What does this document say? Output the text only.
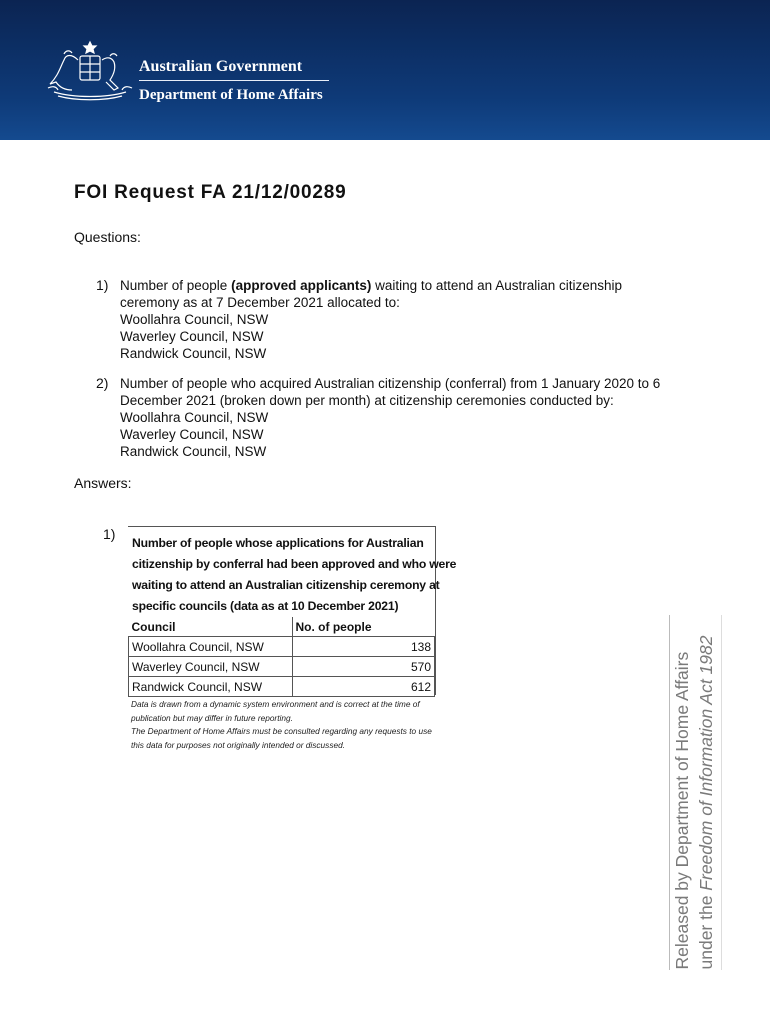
Australian Government
Department of Home Affairs
FOI Request FA 21/12/00289
Questions:
1) Number of people (approved applicants) waiting to attend an Australian citizenship
ceremony as at 7 December 2021 allocated to:
Woollahra Council, NSW
Waverley Council, NSW
Randwick Council, NSW
2) Number of people who acquired Australian citizenship (conferral) from 1 January 2020 to 6
December 2021 (broken down per month) at citizenship ceremonies conducted by:
Woollahra Council, NSW
Waverley Council, NSW
Randwick Council, NSW
Answers:
1)
Number of people whose applications for Australian
citizenship by conferral had been approved and who were
waiting to attend an Australian citizenship ceremony at
specific councils (data as at 10 December 2021)
Council	No. of people
Woollahra Council, NSW	138
Waverley Council, NSW	570
Randwick Council, NSW	612
Data is drawn from a dynamic system environment and is correct at the time of
publication but may differ in future reporting.
The Department of Home Affairs must be consulted regarding any requests to use
this data for purposes not originally intended or discussed.	Released by Department of Home Affairs under the Freedom of Information Act 1982
